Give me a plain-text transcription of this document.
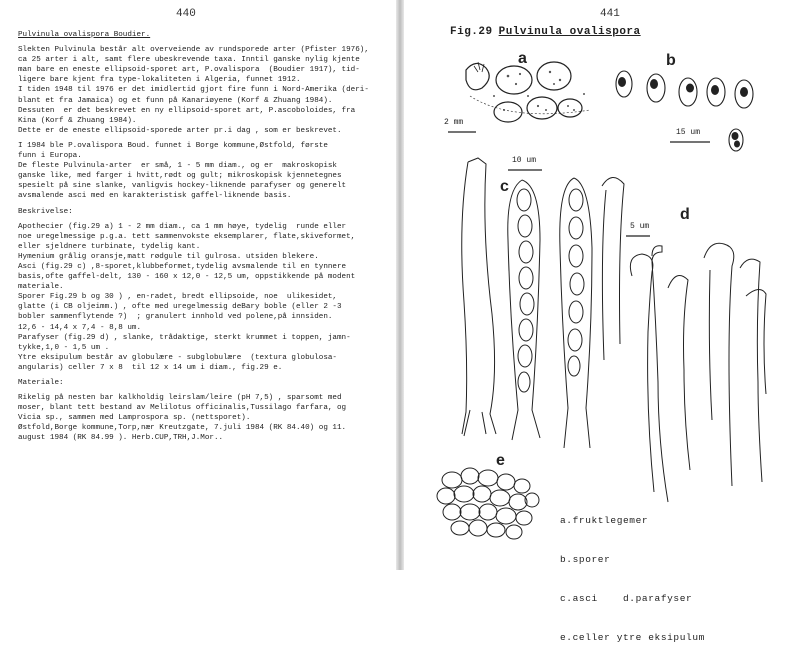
440
Pulvinula ovalispora Boudier.
Slekten Pulvinula består alt overveiende av rundsporede arter (Pfister 1976),
ca 25 arter i alt, samt flere ubeskrevende taxa. Inntil ganske nylig kjente
man bare en eneste ellipsoid-sporet art, P.ovalispora  (Boudier 1917), tid-
ligere bare kjent fra type-lokaliteten i Algeria, funnet 1912.
I tiden 1948 til 1976 er det imidlertid gjort fire funn i Nord-Amerika (deri-
blant et fra Jamaica) og et funn på Kanariøyene (Korf & Zhuang 1984).
Dessuten  er det beskrevet en ny ellipsoid-sporet art, P.ascoboloides, fra
Kina (Korf & Zhuang 1984).
Dette er de eneste ellipsoid-sporede arter pr.i dag , som er beskrevet.
I 1984 ble P.ovalispora Boud. funnet i Borge kommune,Østfold, første
funn i Europa.
De fleste Pulvinula-arter  er små, 1 - 5 mm diam., og er  makroskopisk
ganske like, med farger i hvitt,rødt og gult; mikroskopisk kjennetegnes
spesielt på sine slanke, vanligvis hockey-liknende parafyser og generelt
avsmalende asci med en karakteristisk gaffel-liknende basis.
Beskrivelse:
Apothecier (fig.29 a) 1 - 2 mm diam., ca 1 mm høye, tydelig  runde eller
noe uregelmessige p.g.a. tett sammenvokste eksemplarer, flate,skiveformet,
eller sjeldnere turbinate, tydelig kant.
Hymenium grålig oransje,matt rødgule til gulrosa. utsiden blekere.
Asci (fig.29 c) ,8-sporet,klubbeformet,tydelig avsmalende til en tynnere
basis,ofte gaffel-delt, 130 - 160 x 12,0 - 12,5 um, oppstikkende på modent
materiale.
Sporer Fig.29 b og 30 ) , en-radet, bredt ellipsoide, noe  ulikesidet,
glatte (i CB oljeimm.) , ofte med uregelmessig deBary boble (eller 2 -3
bobler sammenflytende ?)  ; granulert innhold ved polene,på innsiden.
12,6 - 14,4 x 7,4 - 8,8 um.
Parafyser (fig.29 d) , slanke, trådaktige, sterkt krummet i toppen, jamn-
tykke,1,0 - 1,5 um .
Ytre eksipulum består av globulære - subglobulære  (textura globulosa-
angularis) celler 7 x 8  til 12 x 14 um i diam., fig.29 e.
Materiale:
Rikelig på nesten bar kalkholdig leirslam/leire (pH 7,5) , sparsomt med
moser, blant tett bestand av Melilotus officinalis,Tussilago farfara, og
Vicia sp., sammen med Lamprospora sp. (nettsporet).
Østfold,Borge kommune,Torp,nær Kreutzgate, 7.juli 1984 (RK 84.40) og 11.
august 1984 (RK 84.99 ). Herb.CUP,TRH,J.Mor..
441
Fig.29 Pulvinula ovalispora
a	b
c
d
e
2 mm
15 um
10 um
5 um

a.fruktlegemer

b.sporer

c.asci    d.parafyser

e.celler ytre eksipulum
